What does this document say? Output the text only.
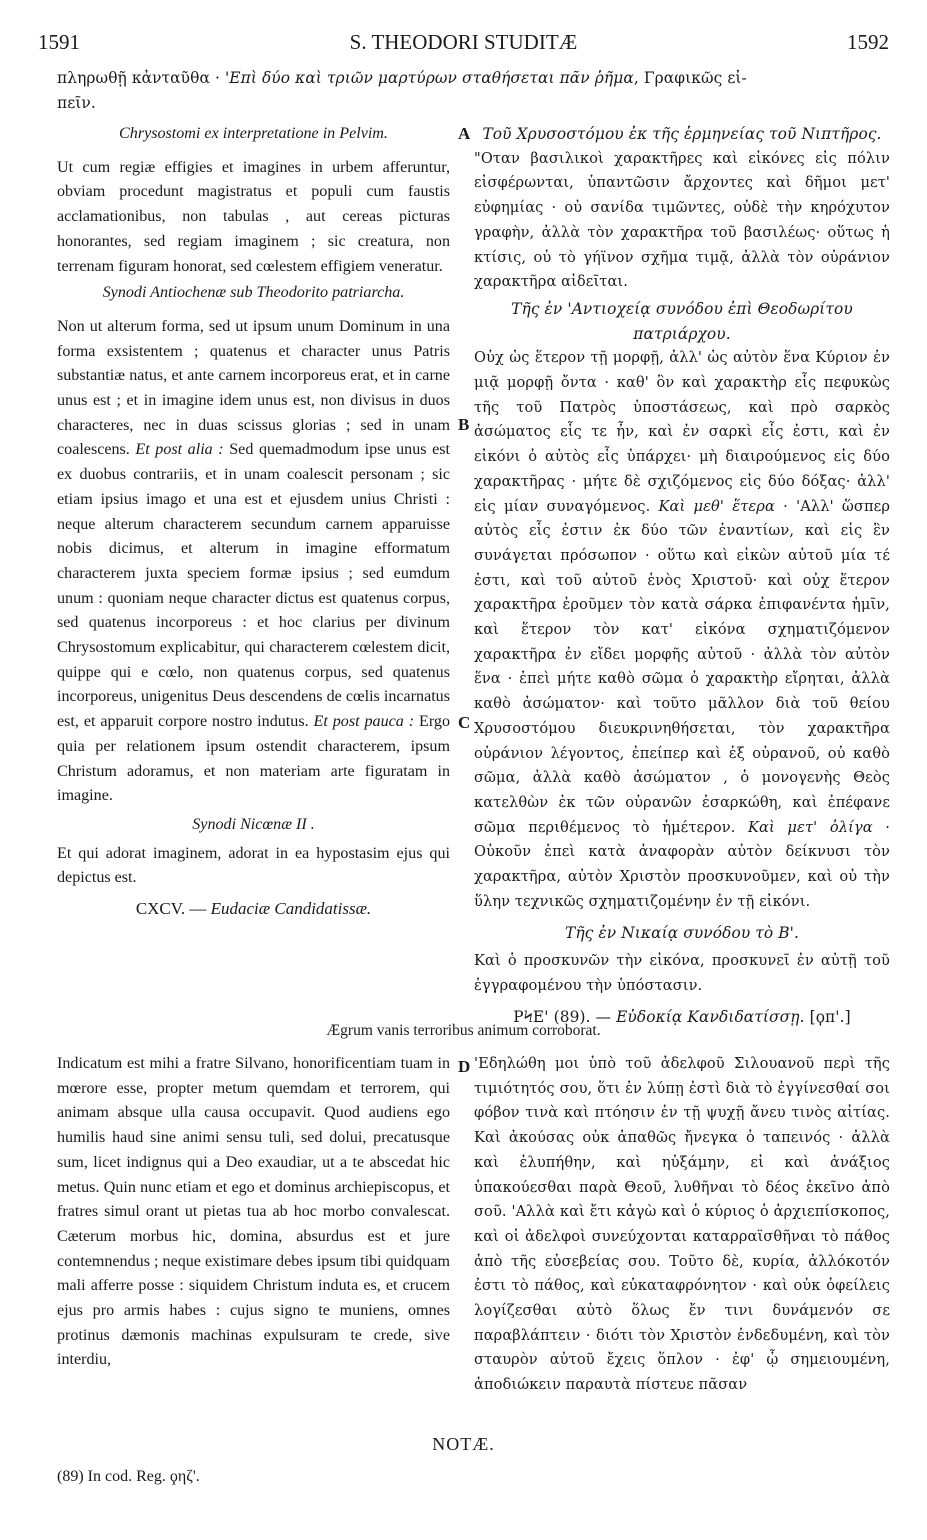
1591	S. THEODORI STUDITÆ	1592
πληρωθῇ κἀνταῦθα · 'Επὶ δύο καὶ τριῶν μαρτύρων σταθήσεται πᾶν ῥῆμα, Γραφικῶς εἰ-
πεῖν.
A
B
C
D
Chrysostomi ex interpretatione in Pelvim.

Ut cum regiæ effigies et imagines in urbem afferuntur, obviam procedunt magistratus et populi cum faustis acclamationibus, non tabulas , aut cereas picturas honorantes, sed regiam imaginem ; sic creatura, non terrenam figuram honorat, sed cœlestem effigiem veneratur.

Synodi Antiochenæ sub Theodorito patriarcha.

Non ut alterum forma, sed ut ipsum unum Dominum in una forma exsistentem ; quatenus et character unus Patris substantiæ natus, et ante carnem incorporeus erat, et in carne unus est ; et in imagine idem unus est, non divisus in duos characteres, nec in duas scissus glorias ; sed in unam coalescens. Et post alia : Sed quemadmodum ipse unus est ex duobus contrariis, et in unam coalescit personam ; sic etiam ipsius imago et una est et ejusdem unius Christi : neque alterum characterem secundum carnem apparuisse nobis dicimus, et alterum in imagine efformatum characterem juxta speciem formæ ipsius ; sed eumdum unum : quoniam neque character dictus est quatenus corpus, sed quatenus incorporeus : et hoc clarius per divinum Chrysostomum explicabitur, qui characterem cœlestem dicit, quippe qui e cœlo, non quatenus corpus, sed quatenus incorporeus, unigenitus Deus descendens de cœlis incarnatus est, et apparuit corpore nostro indutus. Et post pauca : Ergo quia per relationem ipsum ostendit characterem, ipsum Christum adoramus, et non materiam arte figuratam in imagine.

Synodi Nicœnæ II .

Et qui adorat imaginem, adorat in ea hypostasim ejus qui depictus est.

CXCV. — Eudaciæ Candidatissæ.
Τοῦ Χρυσοστόμου ἐκ τῆς ἑρμηνείας τοῦ Νιπτῆρος.

"Οταν βασιλικοὶ χαρακτῆρες καὶ εἰκόνες εἰς πόλιν εἰσφέρωνται, ὑπαντῶσιν ἄρχοντες καὶ δῆμοι μετ' εὐφημίας · οὐ σανίδα τιμῶντες, οὐδὲ τὴν κηρόχυτον γραφὴν, ἀλλὰ τὸν χαρακτῆρα τοῦ βασιλέως· οὕτως ἡ κτίσις, οὐ τὸ γήϊνον σχῆμα τιμᾷ, ἀλλὰ τὸν οὐράνιον χαρακτῆρα αἰδεῖται.

Τῆς ἐν 'Αντιοχείᾳ συνόδου ἐπὶ Θεοδωρίτου πατριάρχου.

Οὐχ ὡς ἕτερον τῇ μορφῇ, ἀλλ' ὡς αὐτὸν ἕνα Κύριον ἐν μιᾷ μορφῇ ὄντα · καθ' ὃν καὶ χαρακτὴρ εἷς πεφυκὼς τῆς τοῦ Πατρὸς ὑποστάσεως, καὶ πρὸ σαρκὸς ἀσώματος εἷς τε ἦν, καὶ ἐν σαρκὶ εἷς ἐστι, καὶ ἐν εἰκόνι ὁ αὐτὸς εἷς ὑπάρχει· μὴ διαιρούμενος εἰς δύο χαρακτῆρας · μήτε δὲ σχιζόμενος εἰς δύο δόξας· ἀλλ' εἰς μίαν συναγόμενος. Καὶ μεθ' ἕτερα · 'Αλλ' ὥσπερ αὐτὸς εἷς ἐστιν ἐκ δύο τῶν ἐναντίων, καὶ εἰς ἓν συνάγεται πρόσωπον · οὕτω καὶ εἰκὼν αὐτοῦ μία τέ ἐστι, καὶ τοῦ αὐτοῦ ἑνὸς Χριστοῦ· καὶ οὐχ ἕτερον χαρακτῆρα ἐροῦμεν τὸν κατὰ σάρκα ἐπιφανέντα ἡμῖν, καὶ ἕτερον τὸν κατ' εἰκόνα σχηματιζόμενον χαρακτῆρα ἐν εἴδει μορφῆς αὐτοῦ · ἀλλὰ τὸν αὐτὸν ἕνα · ἐπεὶ μήτε καθὸ σῶμα ὁ χαρακτὴρ εἴρηται, ἀλλὰ καθὸ ἀσώματον· καὶ τοῦτο μᾶλλον διὰ τοῦ θείου Χρυσοστόμου διευκρινηθήσεται, τὸν χαρακτῆρα οὐράνιον λέγοντος, ἐπείπερ καὶ ἐξ οὐρανοῦ, οὐ καθὸ σῶμα, ἀλλὰ καθὸ ἀσώματον , ὁ μονογενὴς Θεὸς κατελθὼν ἐκ τῶν οὐρανῶν ἐσαρκώθη, καὶ ἐπέφανε σῶμα περιθέμενος τὸ ἡμέτερον. Καὶ μετ' ὀλίγα · Οὐκοῦν ἐπεὶ κατὰ ἀναφορὰν αὐτὸν δείκνυσι τὸν χαρακτῆρα, αὐτὸν Χριστὸν προσκυνοῦμεν, καὶ οὐ τὴν ὕλην τεχνικῶς σχηματιζομένην ἐν τῇ εἰκόνι.

Τῆς ἐν Νικαίᾳ συνόδου τὸ Β'.

Καὶ ὁ προσκυνῶν τὴν εἰκόνα, προσκυνεῖ ἐν αὐτῇ τοῦ ἐγγραφομένου τὴν ὑπόστασιν.

ΡϞΕ' (89). — Εὐδοκίᾳ Κανδιδατίσσῃ. [ϙπ'.]
Ægrum vanis terroribus animum corroborat.

Indicatum est mihi a fratre Silvano, honorificentiam tuam in mœrore esse, propter metum quemdam et terrorem, qui animam absque ulla causa occupavit. Quod audiens ego humilis haud sine animi sensu tuli, sed dolui, precatusque sum, licet indignus qui a Deo exaudiar, ut a te abscedat hic metus. Quin nunc etiam et ego et dominus archiepiscopus, et fratres simul orant ut pietas tua ab hoc morbo convalescat. Cæterum morbus hic, domina, absurdus est et jure contemnendus ; neque existimare debes ipsum tibi quidquam mali afferre posse : siquidem Christum induta es, et crucem ejus pro armis habes : cujus signo te muniens, omnes protinus dæmonis machinas expulsuram te crede, sive interdiu,

'Εδηλώθη μοι ὑπὸ τοῦ ἀδελφοῦ Σιλουανοῦ περὶ τῆς τιμιότητός σου, ὅτι ἐν λύπῃ ἐστὶ διὰ τὸ ἐγγίνεσθαί σοι φόβον τινὰ καὶ πτόησιν ἐν τῇ ψυχῇ ἄνευ τινὸς αἰτίας. Καὶ ἀκούσας οὐκ ἀπαθῶς ἤνεγκα ὁ ταπεινός · ἀλλὰ καὶ ἐλυπήθην, καὶ ηὐξάμην, εἰ καὶ ἀνάξιος ὑπακούεσθαι παρὰ Θεοῦ, λυθῆναι τὸ δέος ἐκεῖνο ἀπὸ σοῦ. 'Αλλὰ καὶ ἔτι κἀγὼ καὶ ὁ κύριος ὁ ἀρχιεπίσκοπος, καὶ οἱ ἀδελφοὶ συνεύχονται καταρραϊσθῆναι τὸ πάθος ἀπὸ τῆς εὐσεβείας σου. Τοῦτο δὲ, κυρία, ἀλλόκοτόν ἐστι τὸ πάθος, καὶ εὐκαταφρόνητον · καὶ οὐκ ὀφείλεις λογίζεσθαι αὐτὸ ὅλως ἔν τινι δυνάμενόν σε παραβλάπτειν · διότι τὸν Χριστὸν ἐνδεδυμένη, καὶ τὸν σταυρὸν αὐτοῦ ἔχεις ὅπλον · ἐφ' ᾧ σημειουμένη, ἀποδιώκειν παραυτὰ πίστευε πᾶσαν

NOTÆ.
(89) In cod. Reg. ϙηζ'.
